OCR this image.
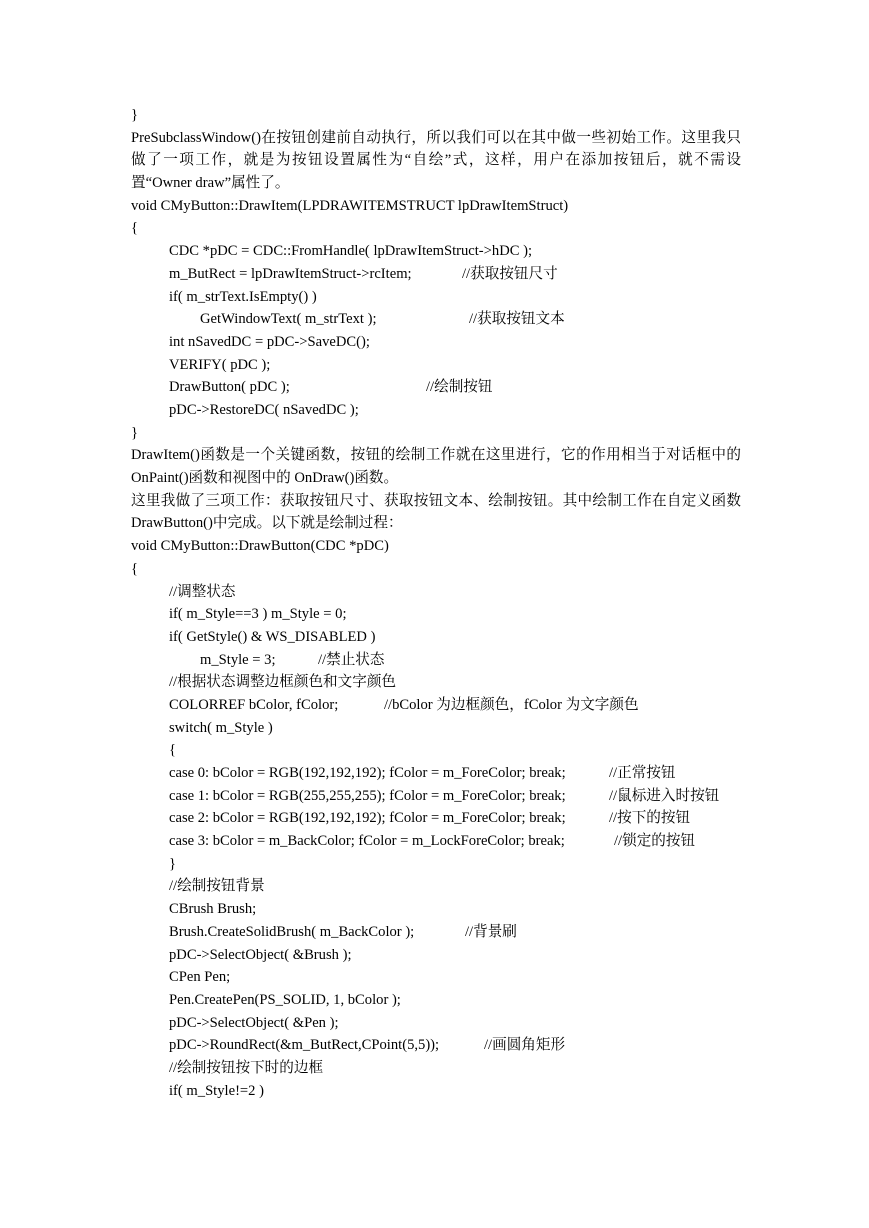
}
PreSubclassWindow()在按钮创建前自动执行，所以我们可以在其中做一些初始工作。这里我只做了一项工作，就是为按钮设置属性为“自绘”式，这样，用户在添加按钮后，就不需设置“Owner draw”属性了。
void CMyButton::DrawItem(LPDRAWITEMSTRUCT lpDrawItemStruct)
{
CDC *pDC = CDC::FromHandle( lpDrawItemStruct->hDC );
m_ButRect = lpDrawItemStruct->rcItem;	//获取按钮尺寸
if( m_strText.IsEmpty() )
GetWindowText( m_strText );	//获取按钮文本
int nSavedDC = pDC->SaveDC();
VERIFY( pDC );
DrawButton( pDC );	//绘制按钮
pDC->RestoreDC( nSavedDC );
}
DrawItem()函数是一个关键函数，按钮的绘制工作就在这里进行，它的作用相当于对话框中的 OnPaint()函数和视图中的 OnDraw()函数。
这里我做了三项工作：获取按钮尺寸、获取按钮文本、绘制按钮。其中绘制工作在自定义函数 DrawButton()中完成。以下就是绘制过程：
void CMyButton::DrawButton(CDC *pDC)
{
//调整状态
if( m_Style==3 ) m_Style = 0;
if( GetStyle() & WS_DISABLED )
m_Style = 3;	//禁止状态
//根据状态调整边框颜色和文字颜色
COLORREF bColor, fColor;	//bColor 为边框颜色，fColor 为文字颜色
switch( m_Style )
{
case 0: bColor = RGB(192,192,192); fColor = m_ForeColor; break;	//正常按钮
case 1: bColor = RGB(255,255,255); fColor = m_ForeColor; break;	//鼠标进入时按钮
case 2: bColor = RGB(192,192,192); fColor = m_ForeColor; break;	//按下的按钮
case 3: bColor = m_BackColor; fColor = m_LockForeColor; break;	//锁定的按钮
}
//绘制按钮背景
CBrush Brush;
Brush.CreateSolidBrush( m_BackColor );	//背景刷
pDC->SelectObject( &Brush );
CPen Pen;
Pen.CreatePen(PS_SOLID, 1, bColor );
pDC->SelectObject( &Pen );
pDC->RoundRect(&m_ButRect,CPoint(5,5));	//画圆角矩形
//绘制按钮按下时的边框
if( m_Style!=2 )
